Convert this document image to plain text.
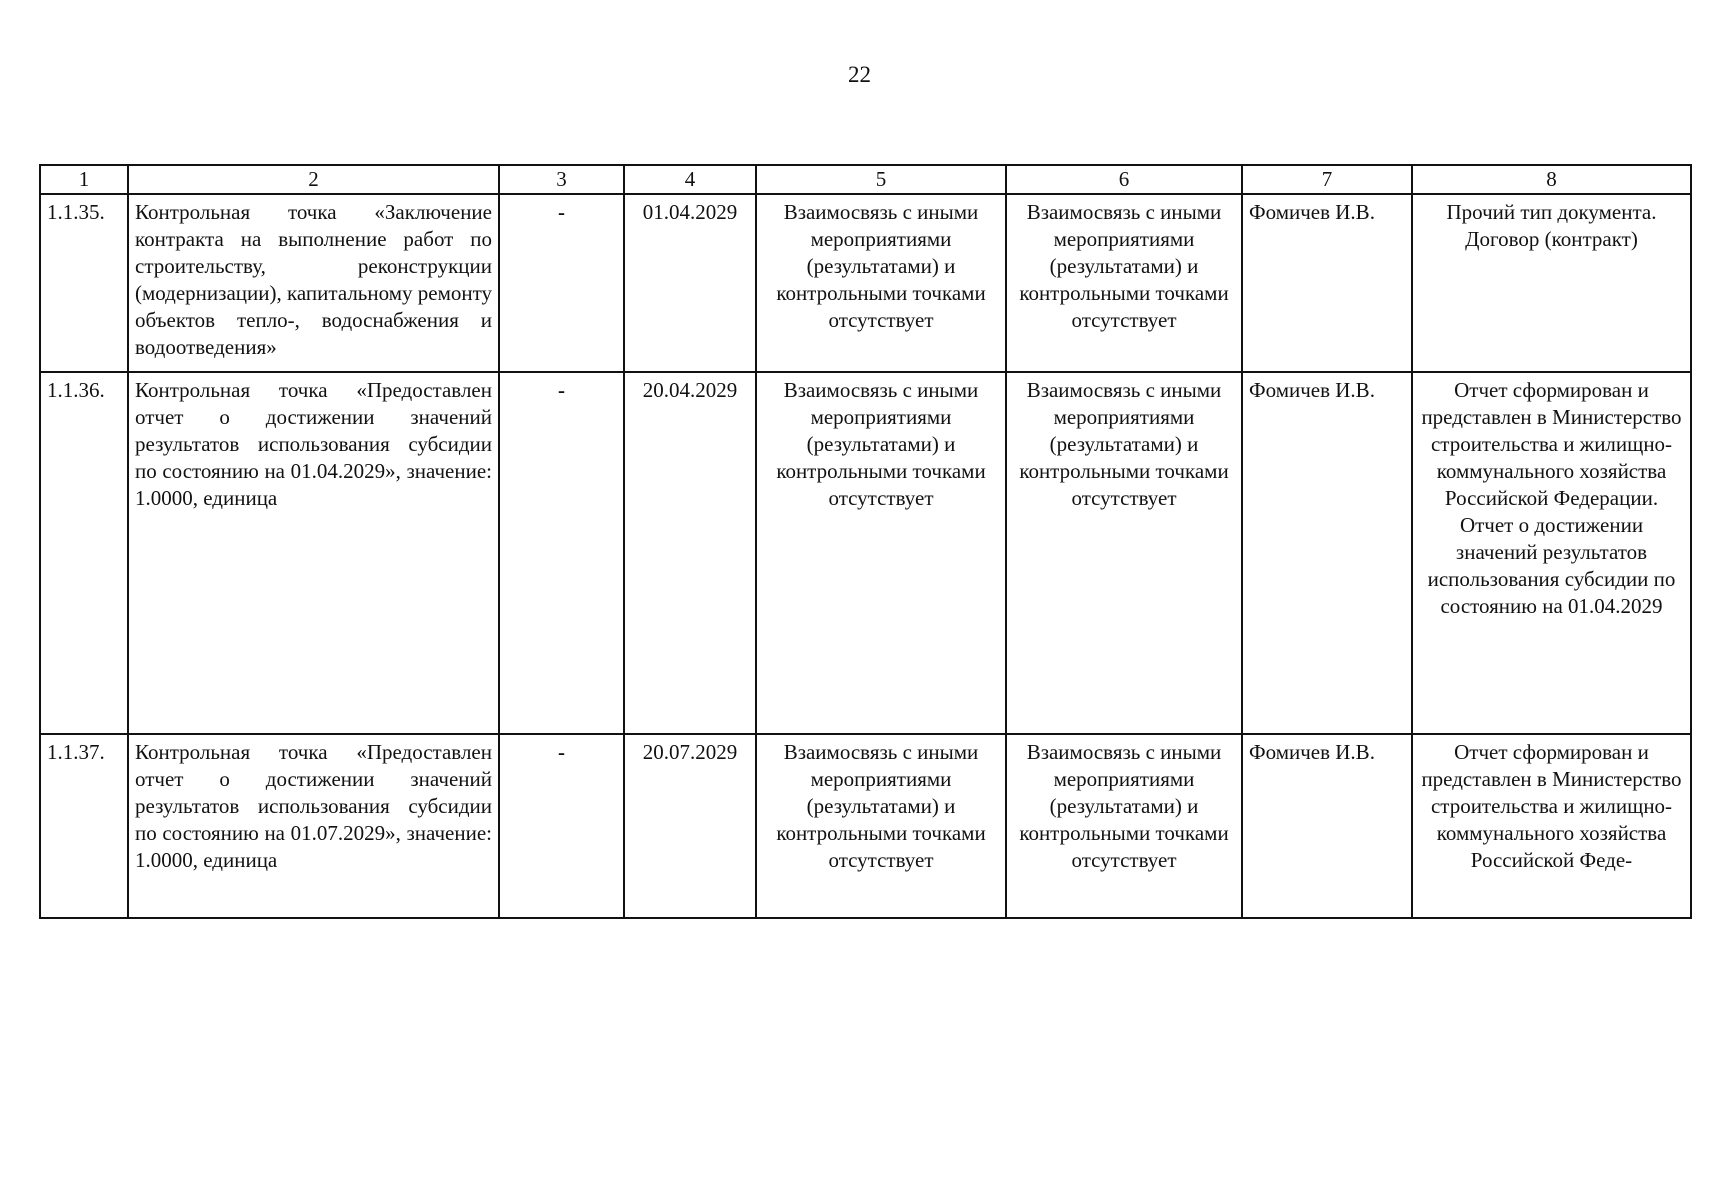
22
1	2	3	4	5	6	7	8
1.1.35.	Контрольная точка «Заключение контракта на выполнение работ по строительству, реконструкции (модернизации), капитальному ремонту объектов тепло-, водоснабжения и водоотведения»	-	01.04.2029	Взаимосвязь с иными мероприятиями (результатами) и контрольными точками отсутствует	Взаимосвязь с иными мероприятиями (результатами) и контрольными точками отсутствует	Фомичев И.В.	Прочий тип документа.
Договор (контракт)

1.1.36.	Контрольная точка «Предоставлен отчет о достижении значений результатов использования субсидии по состоянию на 01.04.2029», значение: 1.0000, единица	-	20.04.2029	Взаимосвязь с иными мероприятиями (результатами) и контрольными точками отсутствует	Взаимосвязь с иными мероприятиями (результатами) и контрольными точками отсутствует	Фомичев И.В.	Отчет сформирован и представлен в Министерство строительства и жилищно-коммунального хозяйства Российской Федерации.
Отчет о достижении значений результатов использования субсидии по состоянию на 01.04.2029

1.1.37.	Контрольная точка «Предоставлен отчет о достижении значений результатов использования субсидии по состоянию на 01.07.2029», значение: 1.0000, единица	-	20.07.2029	Взаимосвязь с иными мероприятиями (результатами) и контрольными точками отсутствует	Взаимосвязь с иными мероприятиями (результатами) и контрольными точками отсутствует	Фомичев И.В.	Отчет сформирован и представлен в Министерство строительства и жилищно-коммунального хозяйства Российской Феде-
